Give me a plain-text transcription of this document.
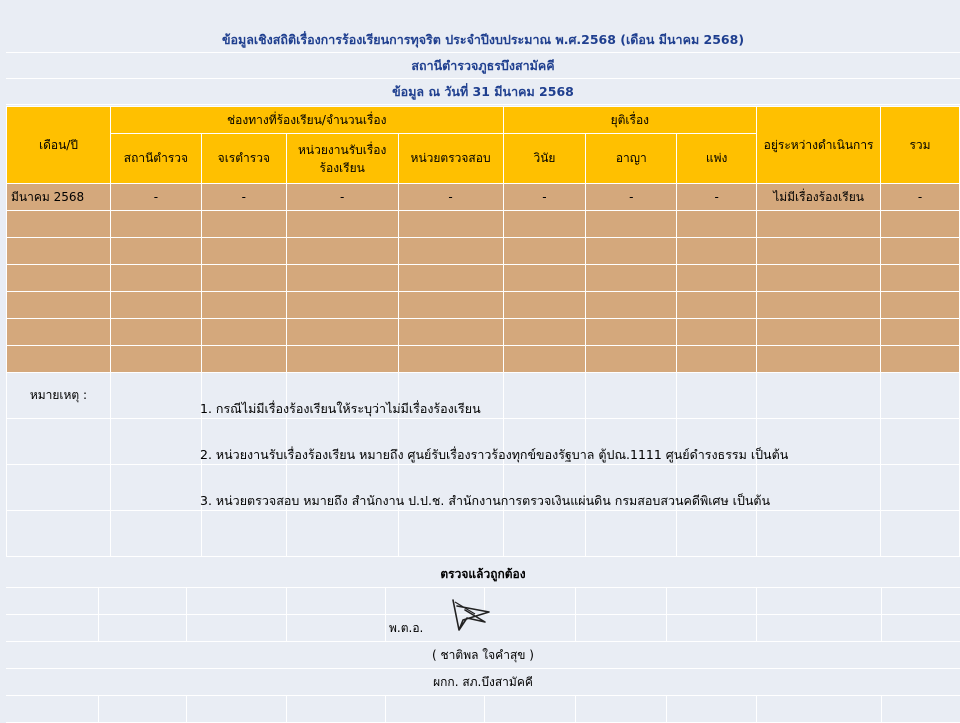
ข้อมูลเชิงสถิติเรื่องการร้องเรียนการทุจริต ประจำปีงบประมาณ พ.ศ.2568 (เดือน มีนาคม 2568)
สถานีตำรวจภูธรบึงสามัคคี
ข้อมูล ณ วันที่ 31 มีนาคม 2568
เดือน/ปี	ช่องทางที่ร้องเรียน/จำนวนเรื่อง				ยุติเรื่อง			อยู่ระหว่างดำเนินการ	รวม
	สถานีตำรวจ	จเรตำรวจ	หน่วยงานรับเรื่องร้องเรียน	หน่วยตรวจสอบ	วินัย	อาญา	แพ่ง		
มีนาคม 2568	-	-	-	-	-	-	-	ไม่มีเรื่องร้องเรียน	-

หมายเหตุ :									

1. กรณีไม่มีเรื่องร้องเรียนให้ระบุว่าไม่มีเรื่องร้องเรียน
2. หน่วยงานรับเรื่องร้องเรียน หมายถึง ศูนย์รับเรื่องราวร้องทุกข์ของรัฐบาล ตู้ปณ.1111 ศูนย์ดำรงธรรม เป็นต้น
3. หน่วยตรวจสอบ หมายถึง สำนักงาน ป.ป.ช. สำนักงานการตรวจเงินแผ่นดิน กรมสอบสวนคดีพิเศษ เป็นต้น
ตรวจแล้วถูกต้อง
พ.ต.อ.
( ชาติพล ใจคำสุข )
ผกก. สภ.บึงสามัคคี
